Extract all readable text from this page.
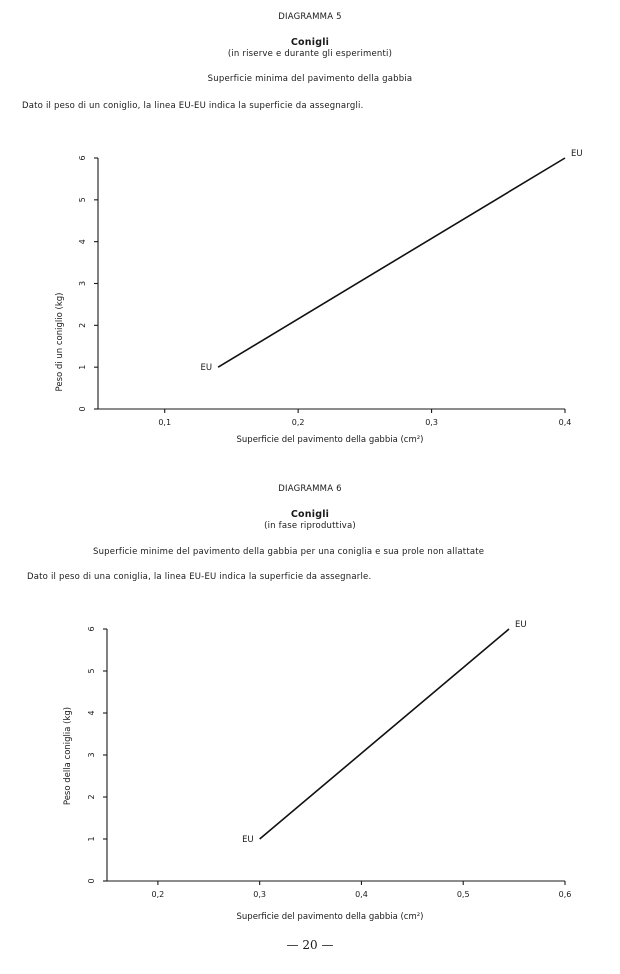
DIAGRAMMA 5
Conigli
(in riserve e durante gli esperimenti)
Superficie minima del pavimento della gabbia
Dato il peso di un coniglio, la linea EU-EU indica la superficie da assegnargli.
0
1
2
3
4
5
6
0,1	0,2	0,3	0,4
EU
EU
Peso di un coniglio (kg)
Superficie del pavimento della gabbia (cm²)
DIAGRAMMA 6
Conigli
(in fase riproduttiva)
Superficie minime del pavimento della gabbia per una coniglia e sua prole non allattate
Dato il peso di una coniglia, la linea EU-EU indica la superficie da assegnarle.
0
1
2
3
4
5
6
0,2	0,3	0,4	0,5	0,6
EU
EU
Peso della coniglia (kg)
Superficie del pavimento della gabbia (cm²)
— 20 —
